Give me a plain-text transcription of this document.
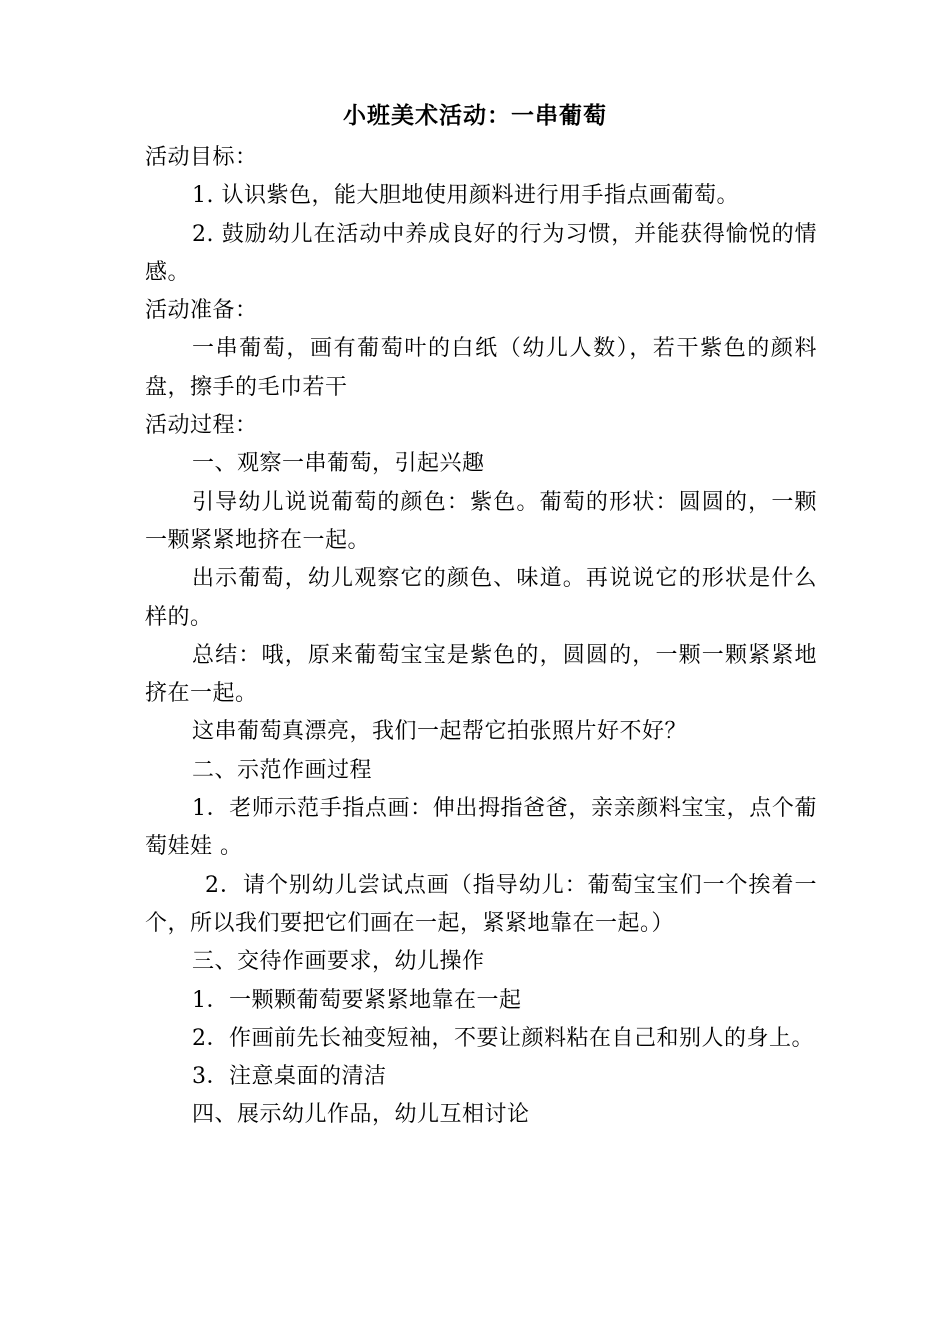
小班美术活动：一串葡萄

活动目标：

1. 认识紫色，能大胆地使用颜料进行用手指点画葡萄。

2. 鼓励幼儿在活动中养成良好的行为习惯，并能获得愉悦的情感。

活动准备：

一串葡萄，画有葡萄叶的白纸（幼儿人数），若干紫色的颜料盘，擦手的毛巾若干

活动过程：

一、观察一串葡萄，引起兴趣

引导幼儿说说葡萄的颜色：紫色。葡萄的形状：圆圆的，一颗一颗紧紧地挤在一起。

出示葡萄，幼儿观察它的颜色、味道。再说说它的形状是什么样的。

总结：哦，原来葡萄宝宝是紫色的，圆圆的，一颗一颗紧紧地挤在一起。

这串葡萄真漂亮，我们一起帮它拍张照片好不好？

二、示范作画过程

1．老师示范手指点画：伸出拇指爸爸，亲亲颜料宝宝，点个葡萄娃娃 。

2．请个别幼儿尝试点画（指导幼儿：葡萄宝宝们一个挨着一个，所以我们要把它们画在一起，紧紧地靠在一起。）

三、交待作画要求，幼儿操作

1．一颗颗葡萄要紧紧地靠在一起

2．作画前先长袖变短袖，不要让颜料粘在自己和别人的身上。

3．注意桌面的清洁

四、展示幼儿作品，幼儿互相讨论
